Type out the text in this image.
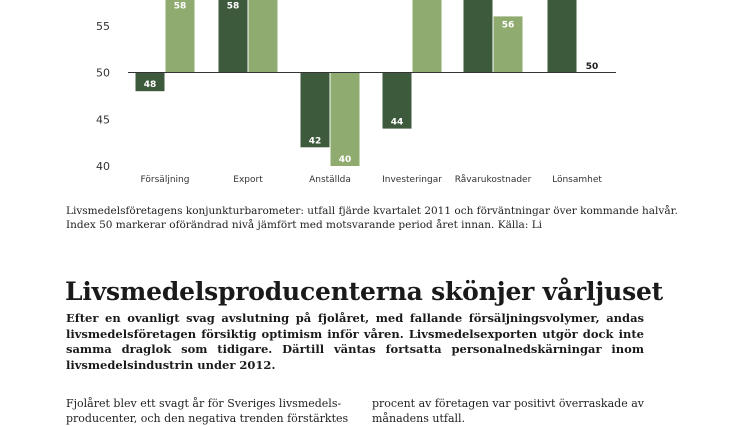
40
45
50
55
48
58
42
44
58
40
56
50
Försäljning	Export	Anställda	Investeringar Råvarukostnader Lönsamhet
Livsmedelsföretagens konjunkturbarometer: utfall fjärde kvartalet 2011 och förväntningar över kommande halvår.
Index 50 markerar oförändrad nivå jämfört med motsvarande period året innan. Källa: Li
Livsmedelsproducenterna skönjer vårljuset

Efter en ovanligt svag avslutning på fjolåret, med fallande försäljningsvolymer, andas livsmedelsföretagen försiktig optimism inför våren. Livsmedelsexporten utgör dock inte samma draglok som tidigare. Därtill väntas fortsatta personalnedskärningar inom livsmedelsindustrin under 2012.

Fjolåret blev ett svagt år för Sveriges livsmedels-
producenter, och den negativa trenden förstärktes
procent av företagen var positivt överraskade av
månadens utfall.
